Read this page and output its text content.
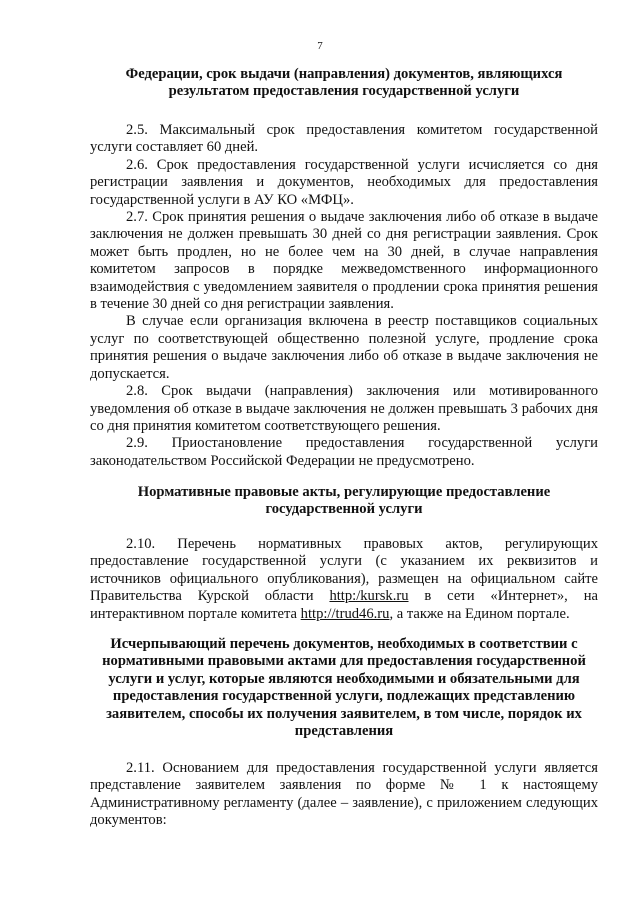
7
Федерации, срок выдачи (направления) документов, являющихся результатом предоставления государственной услуги

2.5. Максимальный срок предоставления комитетом государственной услуги составляет 60 дней.

2.6. Срок предоставления государственной услуги исчисляется со дня регистрации заявления и документов, необходимых для предоставления государственной услуги в АУ КО «МФЦ».

2.7. Срок принятия решения о выдаче заключения либо об отказе в выдаче заключения не должен превышать 30 дней со дня регистрации заявления. Срок может быть продлен, но не более чем на 30 дней, в случае направления комитетом запросов в порядке межведомственного информационного взаимодействия с уведомлением заявителя о продлении срока принятия решения в течение 30 дней со дня регистрации заявления.

В случае если организация включена в реестр поставщиков социальных услуг по соответствующей общественно полезной услуге, продление срока принятия решения о выдаче заключения либо об отказе в выдаче заключения не допускается.

2.8. Срок выдачи (направления) заключения или мотивированного уведомления об отказе в выдаче заключения не должен превышать 3 рабочих дня со дня принятия комитетом соответствующего решения.

2.9. Приостановление предоставления государственной услуги законодательством Российской Федерации не предусмотрено.

Нормативные правовые акты, регулирующие предоставление государственной услуги

2.10. Перечень нормативных правовых актов, регулирующих предоставление государственной услуги (с указанием их реквизитов и источников официального опубликования), размещен на официальном сайте Правительства Курской области http:/kursk.ru в сети «Интернет», на интерактивном портале комитета http://trud46.ru, а также на Едином портале.

Исчерпывающий перечень документов, необходимых в соответствии с нормативными правовыми актами для предоставления государственной услуги и услуг, которые являются необходимыми и обязательными для предоставления государственной услуги, подлежащих представлению заявителем, способы их получения заявителем, в том числе, порядок их представления

2.11. Основанием для предоставления государственной услуги является представление заявителем заявления по форме № 1 к настоящему Административному регламенту (далее – заявление), с приложением следующих документов:
